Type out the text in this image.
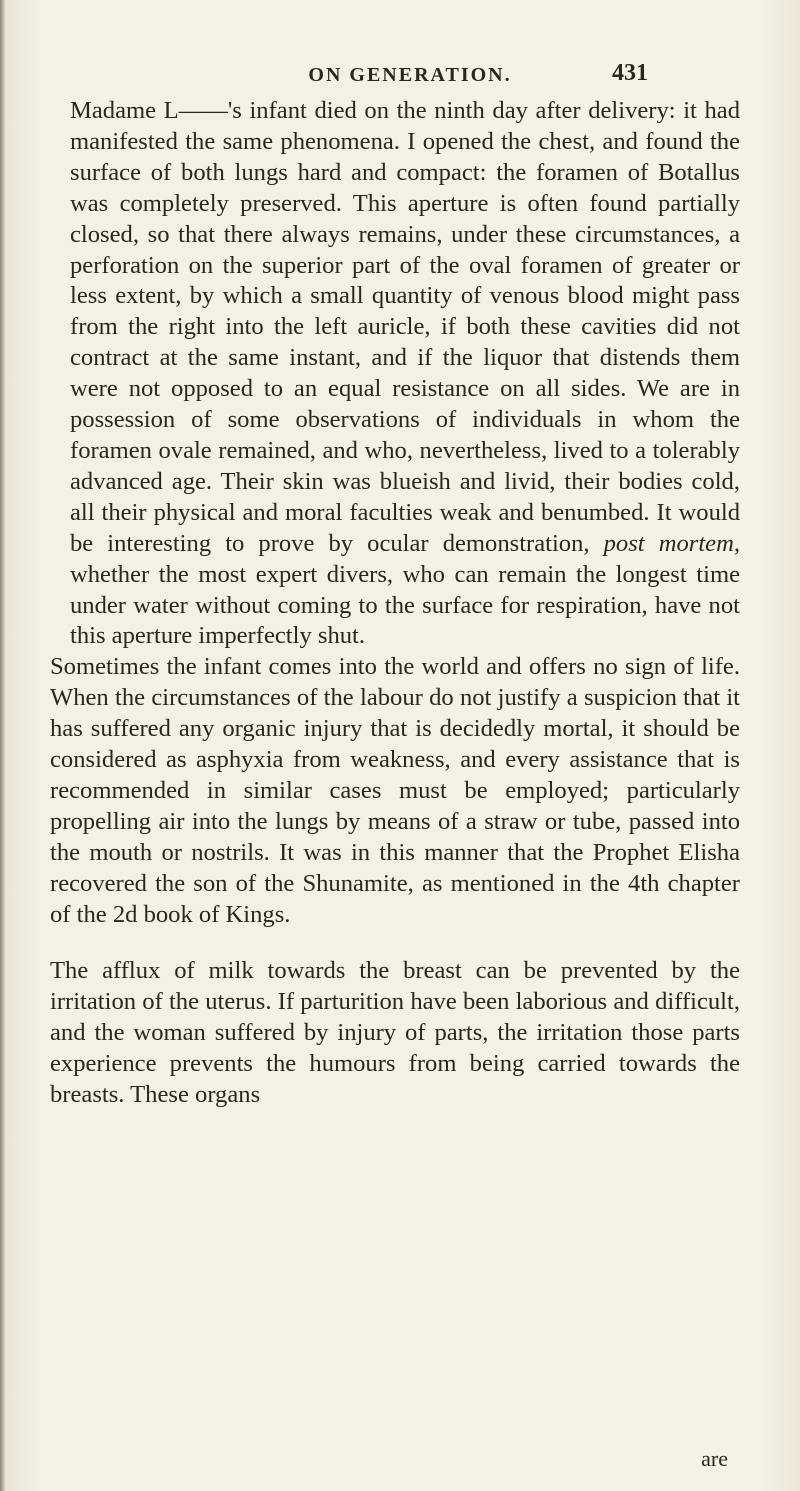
ON GENERATION.	431

Madame L——'s infant died on the ninth day after delivery: it had manifested the same phenomena. I opened the chest, and found the surface of both lungs hard and compact: the foramen of Botallus was completely preserved. This aperture is often found partially closed, so that there always remains, under these circumstances, a perforation on the superior part of the oval foramen of greater or less extent, by which a small quantity of venous blood might pass from the right into the left auricle, if both these cavities did not contract at the same instant, and if the liquor that distends them were not opposed to an equal resistance on all sides. We are in possession of some observations of individuals in whom the foramen ovale remained, and who, nevertheless, lived to a tolerably advanced age. Their skin was blueish and livid, their bodies cold, all their physical and moral faculties weak and benumbed. It would be interesting to prove by ocular demonstration, post mortem, whether the most expert divers, who can remain the longest time under water without coming to the surface for respiration, have not this aperture imperfectly shut.

Sometimes the infant comes into the world and offers no sign of life. When the circumstances of the labour do not justify a suspicion that it has suffered any organic injury that is decidedly mortal, it should be considered as asphyxia from weakness, and every assistance that is recommended in similar cases must be employed; particularly propelling air into the lungs by means of a straw or tube, passed into the mouth or nostrils. It was in this manner that the Prophet Elisha recovered the son of the Shunamite, as mentioned in the 4th chapter of the 2d book of Kings.

The afflux of milk towards the breast can be prevented by the irritation of the uterus. If parturition have been laborious and difficult, and the woman suffered by injury of parts, the irritation those parts experience prevents the humours from being carried towards the breasts. These organs

are
